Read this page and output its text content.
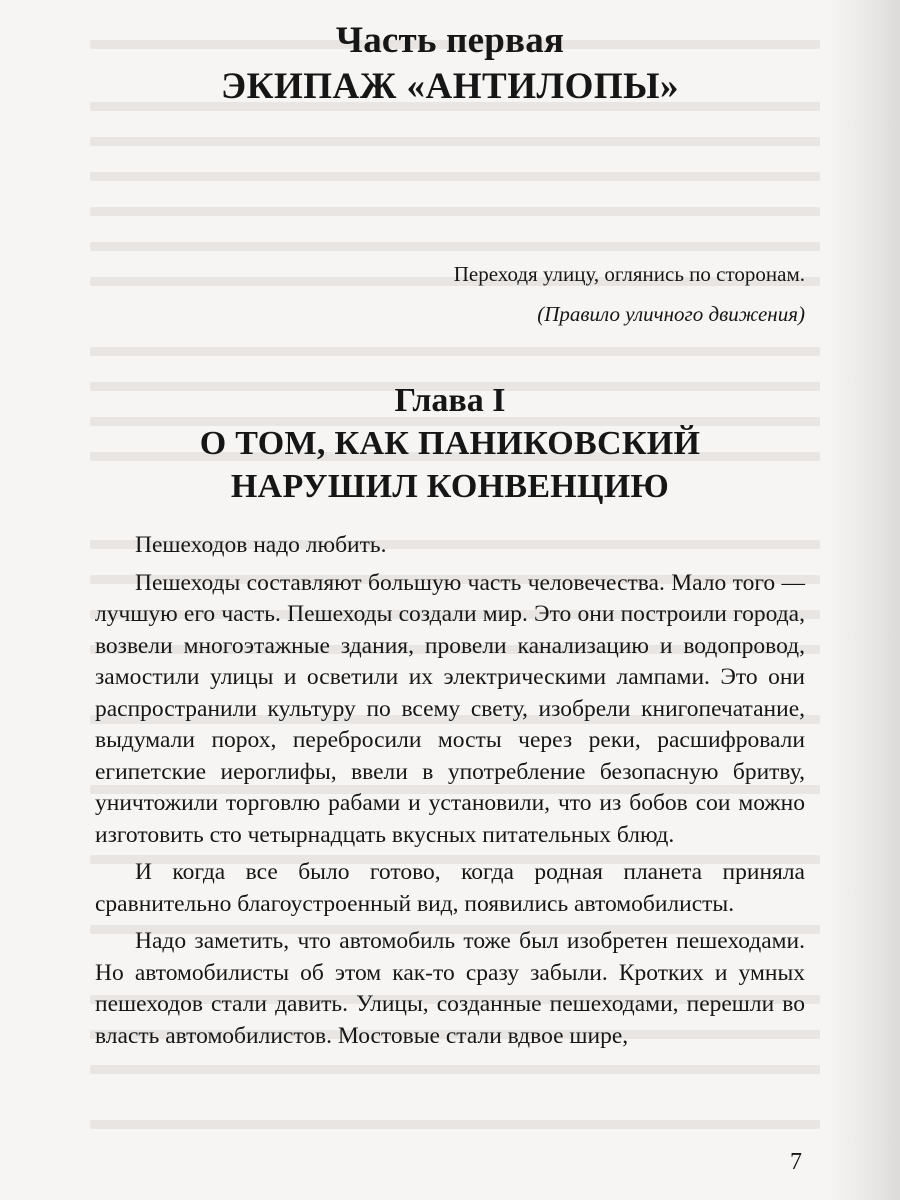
Часть первая
ЭКИПАЖ «АНТИЛОПЫ»
Переходя улицу, оглянись по сторонам.
(Правило уличного движения)
Глава I
О ТОМ, КАК ПАНИКОВСКИЙ
НАРУШИЛ КОНВЕНЦИЮ

Пешеходов надо любить.

Пешеходы составляют большую часть человечества. Мало того — лучшую его часть. Пешеходы создали мир. Это они построили города, возвели многоэтажные здания, провели канализацию и водопровод, замостили улицы и осветили их электрическими лампами. Это они распространили культуру по всему свету, изобрели книгопечатание, выдумали порох, перебросили мосты через реки, расшифровали египетские иероглифы, ввели в употребление безопасную бритву, уничтожили торговлю рабами и установили, что из бобов сои можно изготовить сто четырнадцать вкусных питательных блюд.

И когда все было готово, когда родная планета приняла сравнительно благоустроенный вид, появились автомобилисты.

Надо заметить, что автомобиль тоже был изобретен пешеходами. Но автомобилисты об этом как-то сразу забыли. Кротких и умных пешеходов стали давить. Улицы, созданные пешеходами, перешли во власть автомобилистов. Мостовые стали вдвое шире,

7
